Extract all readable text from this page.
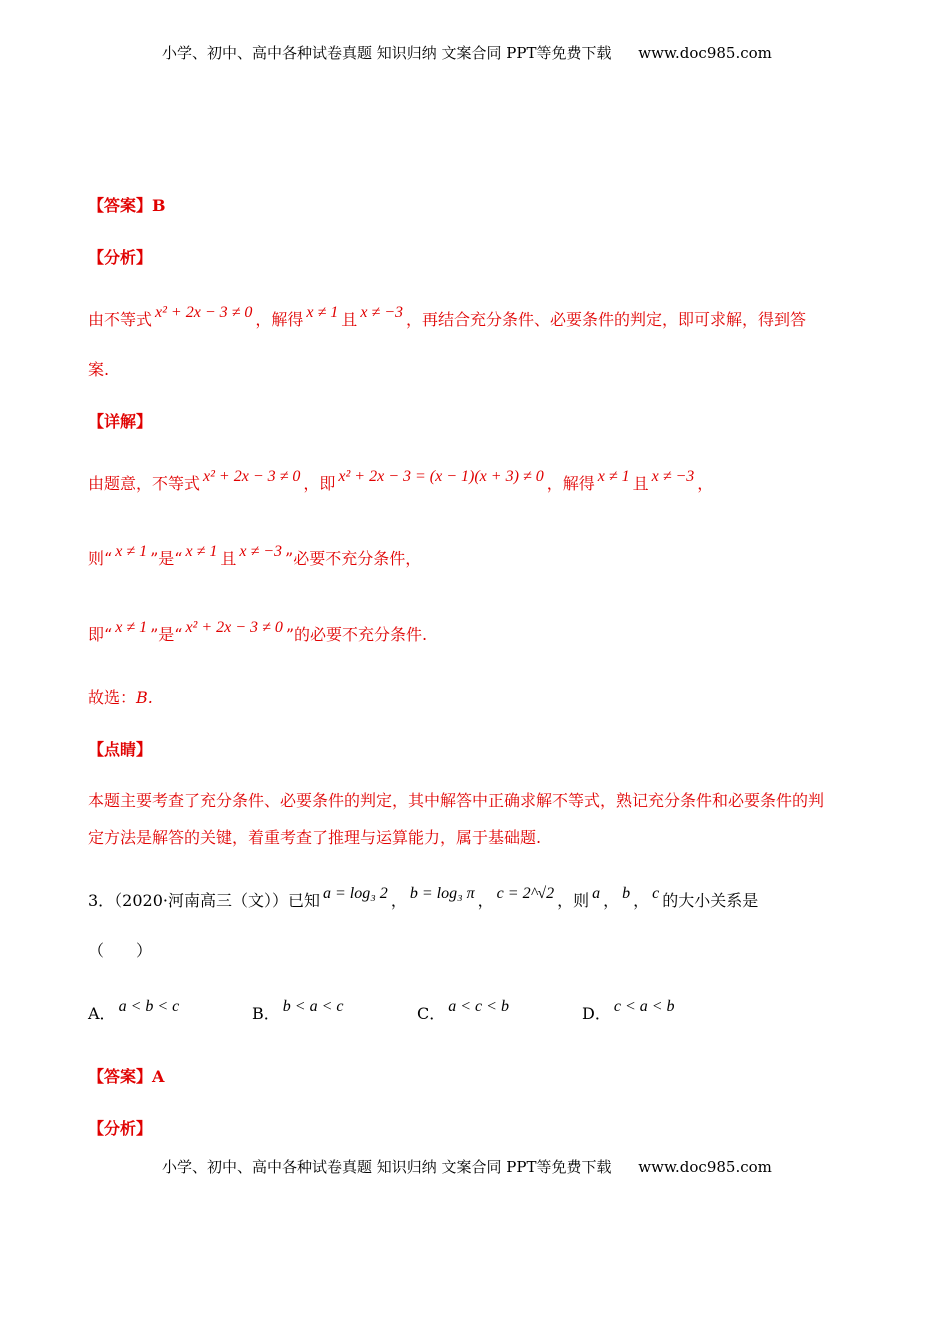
小学、初中、高中各种试卷真题 知识归纳 文案合同 PPT等免费下载 www.doc985.com
【答案】B
【分析】
由不等式 x² + 2x − 3 ≠ 0 ，解得 x ≠ 1 且 x ≠ −3 ，再结合充分条件、必要条件的判定，即可求解，得到答
案.
【详解】
由题意，不等式 x² + 2x − 3 ≠ 0 ，即 x² + 2x − 3 = (x − 1)(x + 3) ≠ 0 ，解得 x ≠ 1 且 x ≠ −3 ，
则“ x ≠ 1 ”是“ x ≠ 1 且 x ≠ −3 ”必要不充分条件，
即“ x ≠ 1 ”是“ x² + 2x − 3 ≠ 0 ”的必要不充分条件.
故选：B.
【点睛】
本题主要考查了充分条件、必要条件的判定，其中解答中正确求解不等式，熟记充分条件和必要条件的判
定方法是解答的关键，着重考查了推理与运算能力，属于基础题.
3．（2020·河南高三（文））已知 a = log₃ 2 ， b = log₃ π ， c = 2^√2 ，则 a ， b ， c 的大小关系是
（　　）
A． a < b < c	B． b < a < c	C． a < c < b	D． c < a < b
【答案】A
【分析】
小学、初中、高中各种试卷真题 知识归纳 文案合同 PPT等免费下载 www.doc985.com
